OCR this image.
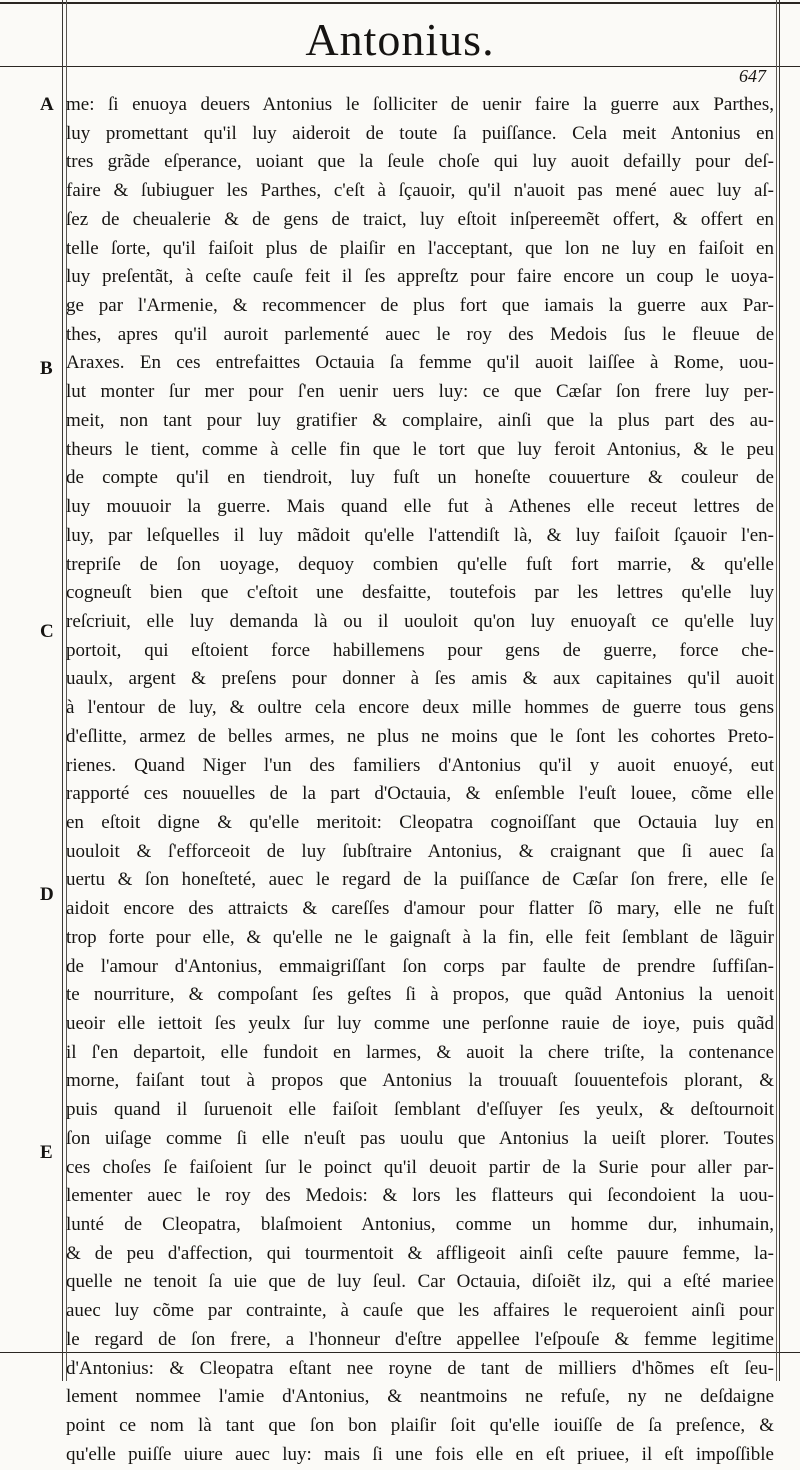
Antonius.
647
A
B
C
D
E
me: ſi enuoya deuers Antonius le ſolliciter de uenir faire la guerre aux Parthes,
luy promettant qu'il luy aideroit de toute ſa puiſſance. Cela meit Antonius en
tres grãde eſperance, uoiant que la ſeule choſe qui luy auoit defailly pour deſ-
faire & ſubiuguer les Parthes, c'eſt à ſçauoir, qu'il n'auoit pas mené auec luy aſ-
ſez de cheualerie & de gens de traict, luy eſtoit inſpereemẽt offert, & offert en
telle ſorte, qu'il faiſoit plus de plaiſir en l'acceptant, que lon ne luy en faiſoit en
luy preſentãt, à ceſte cauſe feit il ſes appreſtz pour faire encore un coup le uoya-
ge par l'Armenie, & recommencer de plus fort que iamais la guerre aux Par-
thes, apres qu'il auroit parlementé auec le roy des Medois ſus le fleuue de
Araxes. En ces entrefaittes Octauia ſa femme qu'il auoit laiſſee à Rome, uou-
lut monter ſur mer pour ſ'en uenir uers luy: ce que Cæſar ſon frere luy per-
meit, non tant pour luy gratifier & complaire, ainſi que la plus part des au-
theurs le tient, comme à celle fin que le tort que luy feroit Antonius, & le peu
de compte qu'il en tiendroit, luy fuſt un honeſte couuerture & couleur de
luy mouuoir la guerre. Mais quand elle fut à Athenes elle receut lettres de
luy, par leſquelles il luy mãdoit qu'elle l'attendiſt là, & luy faiſoit ſçauoir l'en-
trepriſe de ſon uoyage, dequoy combien qu'elle fuſt fort marrie, & qu'elle
cogneuſt bien que c'eſtoit une desfaitte, toutefois par les lettres qu'elle luy
reſcriuit, elle luy demanda là ou il uouloit qu'on luy enuoyaſt ce qu'elle luy
portoit, qui eſtoient force habillemens pour gens de guerre, force che-
uaulx, argent & preſens pour donner à ſes amis & aux capitaines qu'il auoit
à l'entour de luy, & oultre cela encore deux mille hommes de guerre tous gens
d'eſlitte, armez de belles armes, ne plus ne moins que le ſont les cohortes Preto-
rienes. Quand Niger l'un des familiers d'Antonius qu'il y auoit enuoyé, eut
rapporté ces nouuelles de la part d'Octauia, & enſemble l'euſt louee, cõme elle
en eſtoit digne & qu'elle meritoit: Cleopatra cognoiſſant que Octauia luy en
uouloit & ſ'efforceoit de luy ſubſtraire Antonius, & craignant que ſi auec ſa
uertu & ſon honeſteté, auec le regard de la puiſſance de Cæſar ſon frere, elle ſe
aidoit encore des attraicts & careſſes d'amour pour flatter ſõ mary, elle ne fuſt
trop forte pour elle, & qu'elle ne le gaignaſt à la fin, elle feit ſemblant de lãguir
de l'amour d'Antonius, emmaigriſſant ſon corps par faulte de prendre ſuffiſan-
te nourriture, & compoſant ſes geſtes ſi à propos, que quãd Antonius la uenoit
ueoir elle iettoit ſes yeulx ſur luy comme une perſonne rauie de ioye, puis quãd
il ſ'en departoit, elle fundoit en larmes, & auoit la chere triſte, la contenance
morne, faiſant tout à propos que Antonius la trouuaſt ſouuentefois plorant, &
puis quand il ſuruenoit elle faiſoit ſemblant d'eſſuyer ſes yeulx, & deſtournoit
ſon uiſage comme ſi elle n'euſt pas uoulu que Antonius la ueiſt plorer. Toutes
ces choſes ſe faiſoient ſur le poinct qu'il deuoit partir de la Surie pour aller par-
lementer auec le roy des Medois: & lors les flatteurs qui ſecondoient la uou-
lunté de Cleopatra, blaſmoient Antonius, comme un homme dur, inhumain,
& de peu d'affection, qui tourmentoit & affligeoit ainſi ceſte pauure femme, la-
quelle ne tenoit ſa uie que de luy ſeul. Car Octauia, diſoiẽt ilz, qui a eſté mariee
auec luy cõme par contrainte, à cauſe que les affaires le requeroient ainſi pour
le regard de ſon frere, a l'honneur d'eſtre appellee l'eſpouſe & femme legitime
d'Antonius: & Cleopatra eſtant nee royne de tant de milliers d'hõmes eſt ſeu-
lement nommee l'amie d'Antonius, & neantmoins ne refuſe, ny ne deſdaigne
point ce nom là tant que ſon bon plaiſir ſoit qu'elle iouiſſe de ſa preſence, &
qu'elle puiſſe uiure auec luy: mais ſi une fois elle en eſt priuee, il eſt impoſſible
